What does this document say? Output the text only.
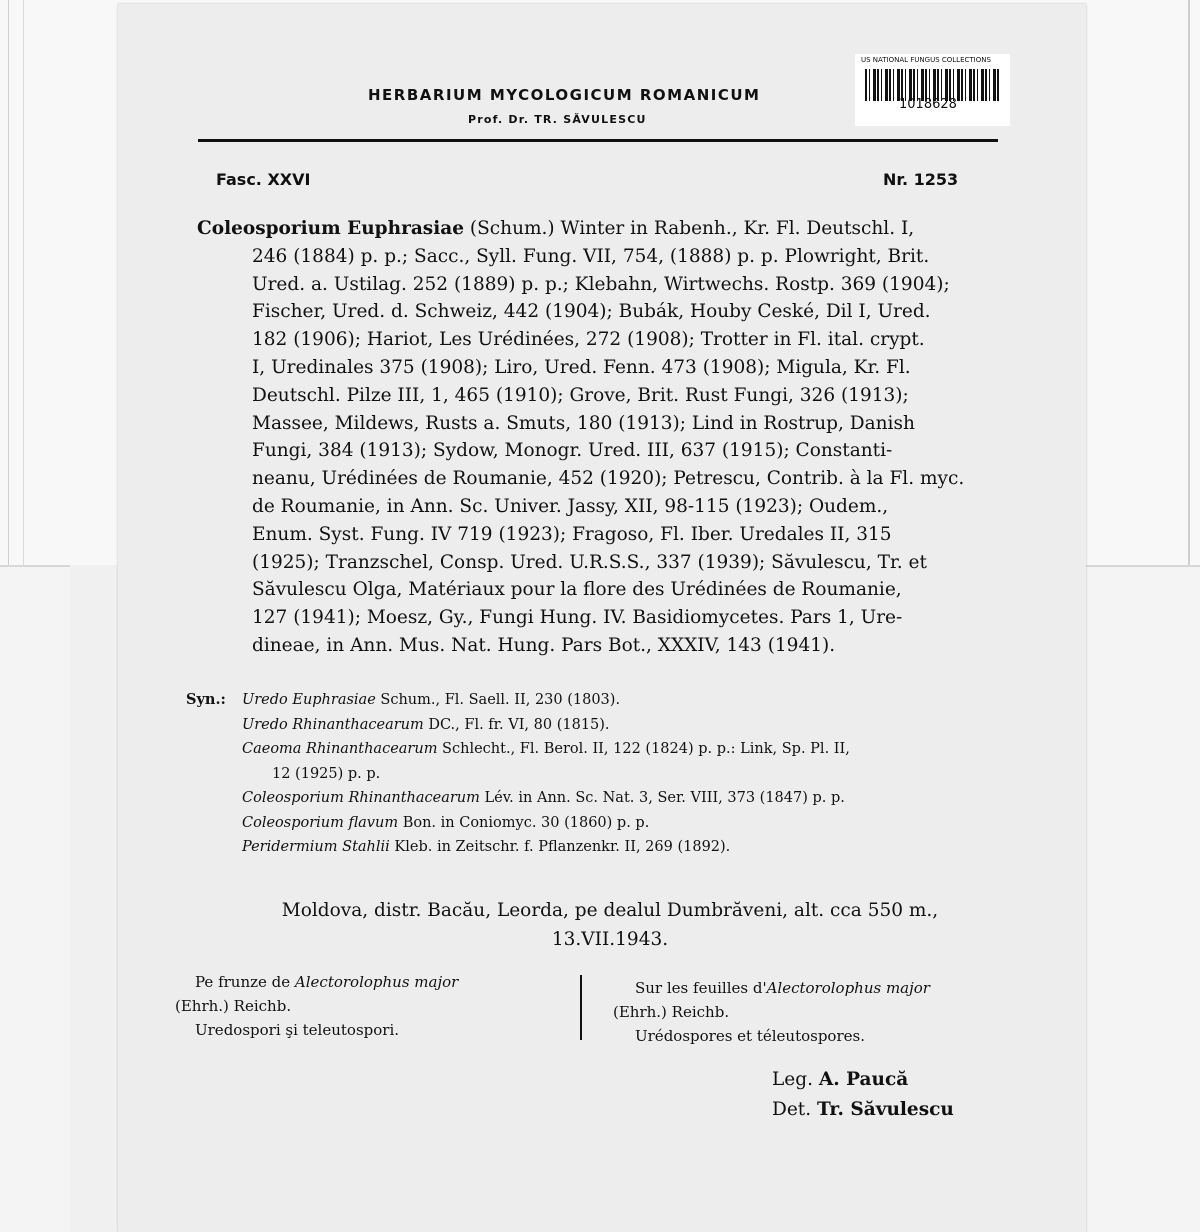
HERBARIUM MYCOLOGICUM ROMANICUM
Prof. Dr. TR. SĂVULESCU
US NATIONAL FUNGUS COLLECTIONS
1018628
Fasc. XXVI	Nr. 1253
Coleosporium Euphrasiae (Schum.) Winter in Rabenh., Kr. Fl. Deutschl. I,
246 (1884) p. p.; Sacc., Syll. Fung. VII, 754, (1888) p. p. Plowright, Brit.
Ured. a. Ustilag. 252 (1889) p. p.; Klebahn, Wirtwechs. Rostp. 369 (1904);
Fischer, Ured. d. Schweiz, 442 (1904); Bubák, Houby Ceské, Dil I, Ured.
182 (1906); Hariot, Les Urédinées, 272 (1908); Trotter in Fl. ital. crypt.
I, Uredinales 375 (1908); Liro, Ured. Fenn. 473 (1908); Migula, Kr. Fl.
Deutschl. Pilze III, 1, 465 (1910); Grove, Brit. Rust Fungi, 326 (1913);
Massee, Mildews, Rusts a. Smuts, 180 (1913); Lind in Rostrup, Danish
Fungi, 384 (1913); Sydow, Monogr. Ured. III, 637 (1915); Constanti-
neanu, Urédinées de Roumanie, 452 (1920); Petrescu, Contrib. à la Fl. myc.
de Roumanie, in Ann. Sc. Univer. Jassy, XII, 98-115 (1923); Oudem.,
Enum. Syst. Fung. IV 719 (1923); Fragoso, Fl. Iber. Uredales II, 315
(1925); Tranzschel, Consp. Ured. U.R.S.S., 337 (1939); Săvulescu, Tr. et
Săvulescu Olga, Matériaux pour la flore des Urédinées de Roumanie,
127 (1941); Moesz, Gy., Fungi Hung. IV. Basidiomycetes. Pars 1, Ure-
dineae, in Ann. Mus. Nat. Hung. Pars Bot., XXXIV, 143 (1941).
Syn.: Uredo Euphrasiae Schum., Fl. Saell. II, 230 (1803).
Uredo Rhinanthacearum DC., Fl. fr. VI, 80 (1815).
Caeoma Rhinanthacearum Schlecht., Fl. Berol. II, 122 (1824) p. p.: Link, Sp. Pl. II,
12 (1925) p. p.
Coleosporium Rhinanthacearum Lév. in Ann. Sc. Nat. 3, Ser. VIII, 373 (1847) p. p.
Coleosporium flavum Bon. in Coniomyc. 30 (1860) p. p.
Peridermium Stahlii Kleb. in Zeitschr. f. Pflanzenkr. II, 269 (1892).
Moldova, distr. Bacău, Leorda, pe dealul Dumbrăveni, alt. cca 550 m.,
13.VII.1943.
Pe frunze de Alectorolophus major
(Ehrh.) Reichb.
Uredospori şi teleutospori.
Sur les feuilles d'Alectorolophus major
(Ehrh.) Reichb.
Urédospores et téleutospores.
Leg. A. Paucă
Det. Tr. Săvulescu
